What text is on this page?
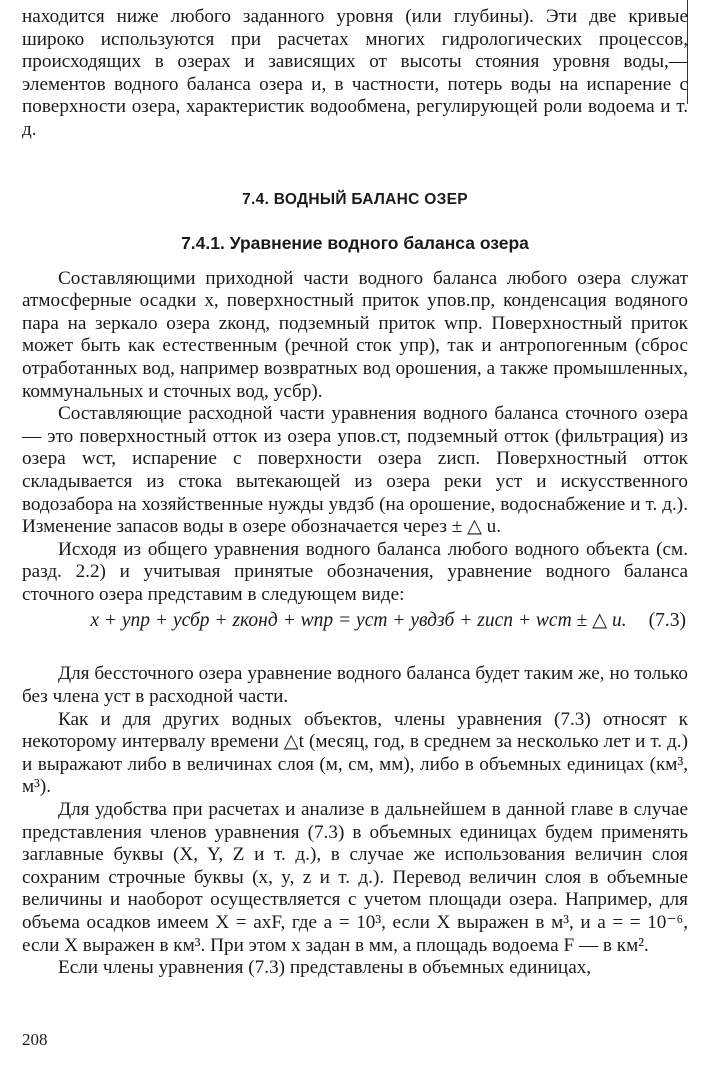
находится ниже любого заданного уровня (или глубины). Эти две кривые широко используются при расчетах многих гидрологических процессов, происходящих в озерах и зависящих от высоты стояния уровня воды,— элементов водного баланса озера и, в частности, потерь воды на испарение с поверхности озера, характеристик водообмена, регулирующей роли водоема и т. д.

7.4. ВОДНЫЙ БАЛАНС ОЗЕР
7.4.1. Уравнение водного баланса озера

Составляющими приходной части водного баланса любого озера служат атмосферные осадки x, поверхностный приток yпов.пр, конденсация водяного пара на зеркало озера zконд, подземный приток wпр. Поверхностный приток может быть как естественным (речной сток yпр), так и антропогенным (сброс отработанных вод, например возвратных вод орошения, а также промышленных, коммунальных и сточных вод, yсбр).

Составляющие расходной части уравнения водного баланса сточного озера — это поверхностный отток из озера yпов.ст, подземный отток (фильтрация) из озера wст, испарение с поверхности озера zисп. Поверхностный отток складывается из стока вытекающей из озера реки yст и искусственного водозабора на хозяйственные нужды yвдзб (на орошение, водоснабжение и т. д.). Изменение запасов воды в озере обозначается через ± △ u.

Исходя из общего уравнения водного баланса любого водного объекта (см. разд. 2.2) и учитывая принятые обозначения, уравнение водного баланса сточного озера представим в следующем виде:

x + yпр + yсбр + zконд + wпр = yст + yвдзб + zисп + wст ± △ u. (7.3)

Для бессточного озера уравнение водного баланса будет таким же, но только без члена yст в расходной части.

Как и для других водных объектов, члены уравнения (7.3) относят к некоторому интервалу времени △t (месяц, год, в среднем за несколько лет и т. д.) и выражают либо в величинах слоя (м, см, мм), либо в объемных единицах (км³, м³).

Для удобства при расчетах и анализе в дальнейшем в данной главе в случае представления членов уравнения (7.3) в объемных единицах будем применять заглавные буквы (X, Y, Z и т. д.), в случае же использования величин слоя сохраним строчные буквы (x, y, z и т. д.). Перевод величин слоя в объемные величины и наоборот осуществляется с учетом площади озера. Например, для объема осадков имеем X = axF, где a = 10³, если X выражен в м³, и a = = 10⁻⁶, если X выражен в км³. При этом x задан в мм, а площадь водоема F — в км².

Если члены уравнения (7.3) представлены в объемных единицах,

208
